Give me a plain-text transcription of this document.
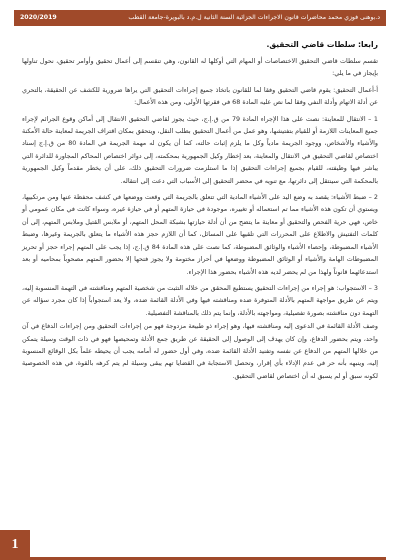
د.بوهنى فوزي محمد محاضرات قانون الاجراءات الجزائية السنة الثانية ل.م.د بالبويرة-جامعة القطب
2020/2019
رابعا: سلطات قاضي التحقيق.

تقسم سلطات قاضي التحقيق الاختصاصات أو المهام التي أوكلها له القانون، وهي تنقسم إلى أعمال تحقيق وأوامر تحقيق، نحول تناولها بإيجاز في ما يلي:

أ-أعمال التحقيق: يقوم قاضي التحقيق وفقا لما للقانون باتخاذ جميع إجراءات التحقيق التي يراها ضرورية للكشف عن الحقيقة، بالتحري عن أدلة الاتهام وأدلة النفي وفقا لما نص عليه المادة 68 في فقرتها الأولى، ومن هذه الأعمال:

1 – الانتقال للمعاينة: نصت على هذا الإجراء المادة 79 من ق.إ.ج، حيث يجوز لقاضي التحقيق الانتقال إلى أماكن وقوع الجرائم لإجراء جميع المعاينات اللازمة أو للقيام بتفتيشها، وهو عمل من أعمال التحقيق بطلب النقل، ويتحقق بمكان اقتراف الجريمة لمعاينة حالة الأمكنة والأشياء والأشخاص، ووجود الجريمة مادياً وكل ما يلزم إثبات حالته، كما أن يكون له مهمة الجريمة في المادة 80 من ق.إ.ج إسناد اختصاص لقاضي التحقيق في الانتقال والمعاينة، بعد إخطار وكيل الجمهورية بمحكمته، إلى دوائر اختصاص المحاكم المجاورة للدائرة التي يباشر فيها وظيفته، للقيام بجميع إجراءات التحقيق إذا ما استلزمت ضرورات التحقيق ذلك، على أن يخطر مقدماً وكيل الجمهورية بالمحكمة التي سينتقل إلى دائرتها، مع تنويه في محضر التحقيق إلى الأسباب التي دعت إلى انتقاله.

2 – ضبط الأشياء: يقصد به وضع اليد على الأشياء المادية التي تتعلق بالجريمة التي وقعت ووضعها في كشف محفظة عنها ومن مرتكبيها، ويستوي أن تكون هذه الأشياء مما تم استعماله أو تغييره، موجودة في حيازة المتهم أو في حيازة غيره، وسواء كانت في مكان عمومي أو خاص، فهي حرية الفحص والتحقيق أو معاينة ما يتضح من أن أدلة حيازتها بشبكة المحل المتهم، أو ملابس القتيل وملابس المتهم، إلى أن كلمات التفتيش والاطلاع على المحررات التي تلقيها على المسائل، كما أن اللازم حجز هذه الأشياء ما يتعلق بالجريمة وغيرها، وضبط الأشياء المضبوطة، وإحصاء الأشياء والوثائق المضبوطة، كما نصت على هذه المادة 84 ق.إ.ج، إذا يجب على المتهم إجراء حجز أو تحريز المضبوطات الهامة والأشياء أو الوثائق المضبوطة ووضعها في أحراز مختومة ولا يجوز فتحها إلا بحضور المتهم مصحوباً بمحاميه أو بعد استدعائهما قانوناً ولهذا من لم يحضر لديه هذه الأشياء بحضور هذا الإجراء.

3 – الاستجواب: هو إجراء من إجراءات التحقيق يستطيع المحقق من خلاله التثبت من شخصية المتهم ومناقشته في التهمة المنسوبة إليه، ويتم عن طريق مواجهة المتهم بالأدلة المتوفرة ضده ومناقشته فيها وفي الأدلة القائمة ضده، ولا يعد استجواباً إذا كان مجرد سؤاله عن التهمة دون مناقشته بصورة تفصيلية، ومواجهته بالأدلة، وإنما يتم ذلك بالمناقشة التفصيلية.

وصف الأدلة القائمة في الدعوى إليه ومناقشته فيها، وهو إجراء ذو طبيعة مزدوجة فهو من إجراءات التحقيق ومن إجراءات الدفاع في آن واحد، ويتم بحضور الدفاع، وإن كان يهدف إلى الوصول إلى الحقيقة عن طريق جمع الأدلة وتمحيصها فهو في ذات الوقت وسيلة يتمكن من خلالها المتهم من الدفاع عن نفسه وتفنيد الأدلة القائمة ضده، وفي أول حضور له أمامه يجب أن يحيطه علماً بكل الوقائع المنسوبة إليه، وينبهه بأنه حر في عدم الإدلاء بأي إقرار، وتحصل الاستجابة في القضايا تهم يبقى وسيلة لم يتم كرهه بالقوة، في هذه الخصوصية لكونه سبق أو لم يسبق له أن اختصاص لقاضي التحقيق.

1
